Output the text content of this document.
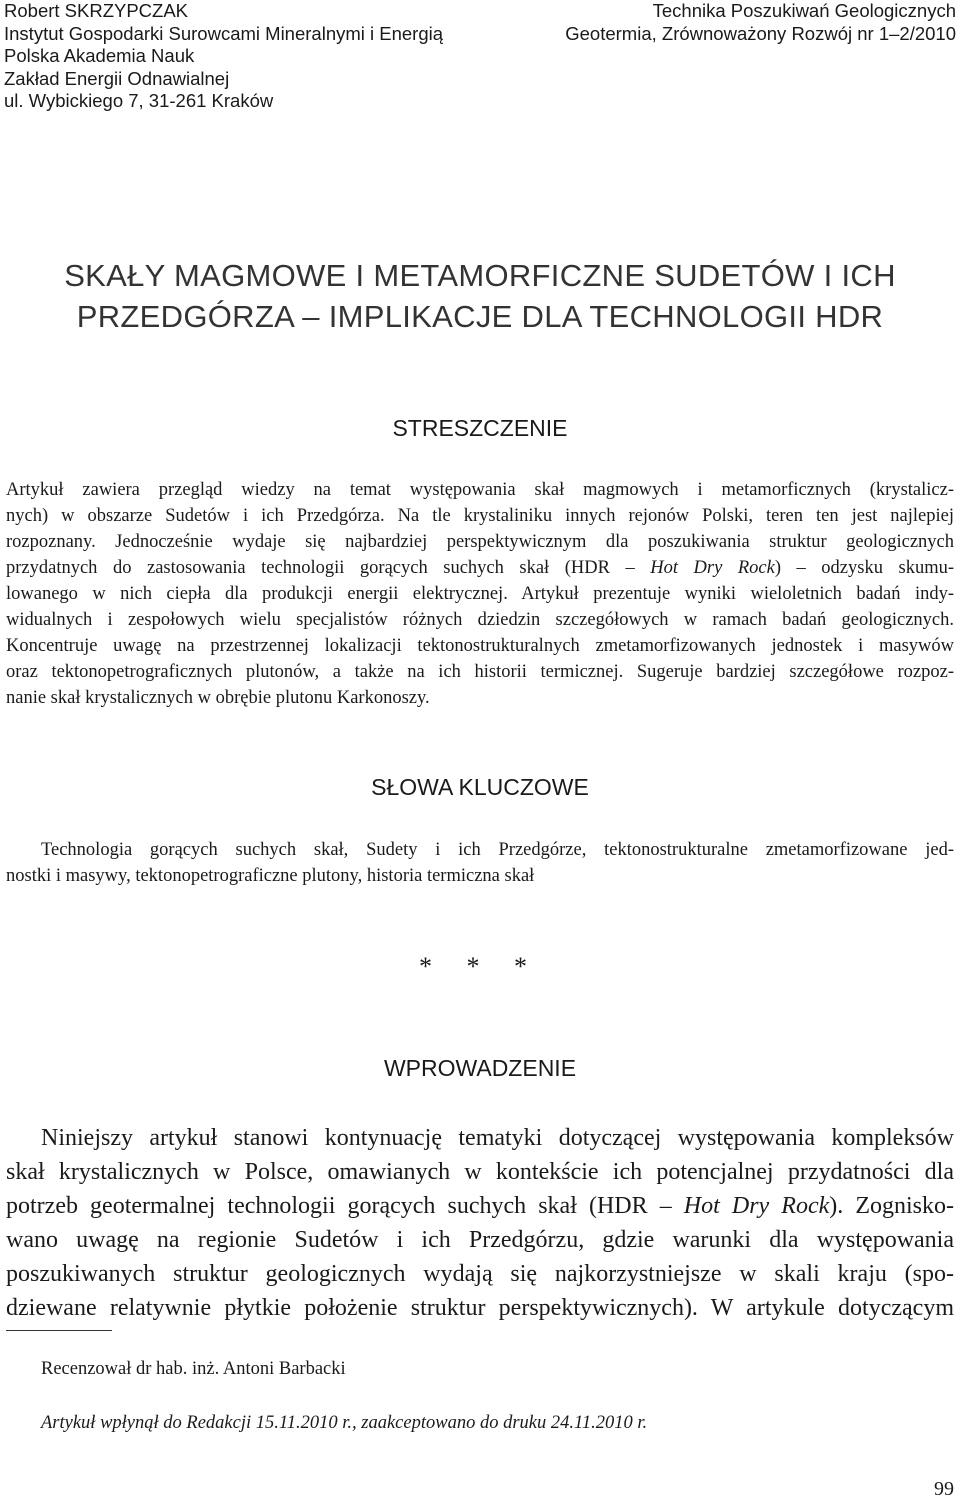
Robert SKRZYPCZAK
Instytut Gospodarki Surowcami Mineralnymi i Energią
Polska Akademia Nauk
Zakład Energii Odnawialnej
ul. Wybickiego 7, 31-261 Kraków
Technika Poszukiwań Geologicznych
Geotermia, Zrównoważony Rozwój nr 1–2/2010
SKAŁY MAGMOWE I METAMORFICZNE SUDETÓW I ICH
PRZEDGÓRZA – IMPLIKACJE DLA TECHNOLOGII HDR
STRESZCZENIE
Artykuł zawiera przegląd wiedzy na temat występowania skał magmowych i metamorficznych (krystalicz-
nych) w obszarze Sudetów i ich Przedgórza. Na tle krystaliniku innych rejonów Polski, teren ten jest najlepiej
rozpoznany. Jednocześnie wydaje się najbardziej perspektywicznym dla poszukiwania struktur geologicznych
przydatnych do zastosowania technologii gorących suchych skał (HDR – Hot Dry Rock) – odzysku skumu-
lowanego w nich ciepła dla produkcji energii elektrycznej. Artykuł prezentuje wyniki wieloletnich badań indy-
widualnych i zespołowych wielu specjalistów różnych dziedzin szczegółowych w ramach badań geologicznych.
Koncentruje uwagę na przestrzennej lokalizacji tektonostrukturalnych zmetamorfizowanych jednostek i masywów
oraz tektonopetrograficznych plutonów, a także na ich historii termicznej. Sugeruje bardziej szczegółowe rozpoz-
nanie skał krystalicznych w obrębie plutonu Karkonoszy.
SŁOWA KLUCZOWE
Technologia gorących suchych skał, Sudety i ich Przedgórze, tektonostrukturalne zmetamorfizowane jed-
nostki i masywy, tektonopetrograficzne plutony, historia termiczna skał
* * *
WPROWADZENIE
Niniejszy artykuł stanowi kontynuację tematyki dotyczącej występowania kompleksów
skał krystalicznych w Polsce, omawianych w kontekście ich potencjalnej przydatności dla
potrzeb geotermalnej technologii gorących suchych skał (HDR – Hot Dry Rock). Zognisko-
wano uwagę na regionie Sudetów i ich Przedgórzu, gdzie warunki dla występowania
poszukiwanych struktur geologicznych wydają się najkorzystniejsze w skali kraju (spo-
dziewane relatywnie płytkie położenie struktur perspektywicznych). W artykule dotyczącym
Recenzował dr hab. inż. Antoni Barbacki
Artykuł wpłynął do Redakcji 15.11.2010 r., zaakceptowano do druku 24.11.2010 r.
99
